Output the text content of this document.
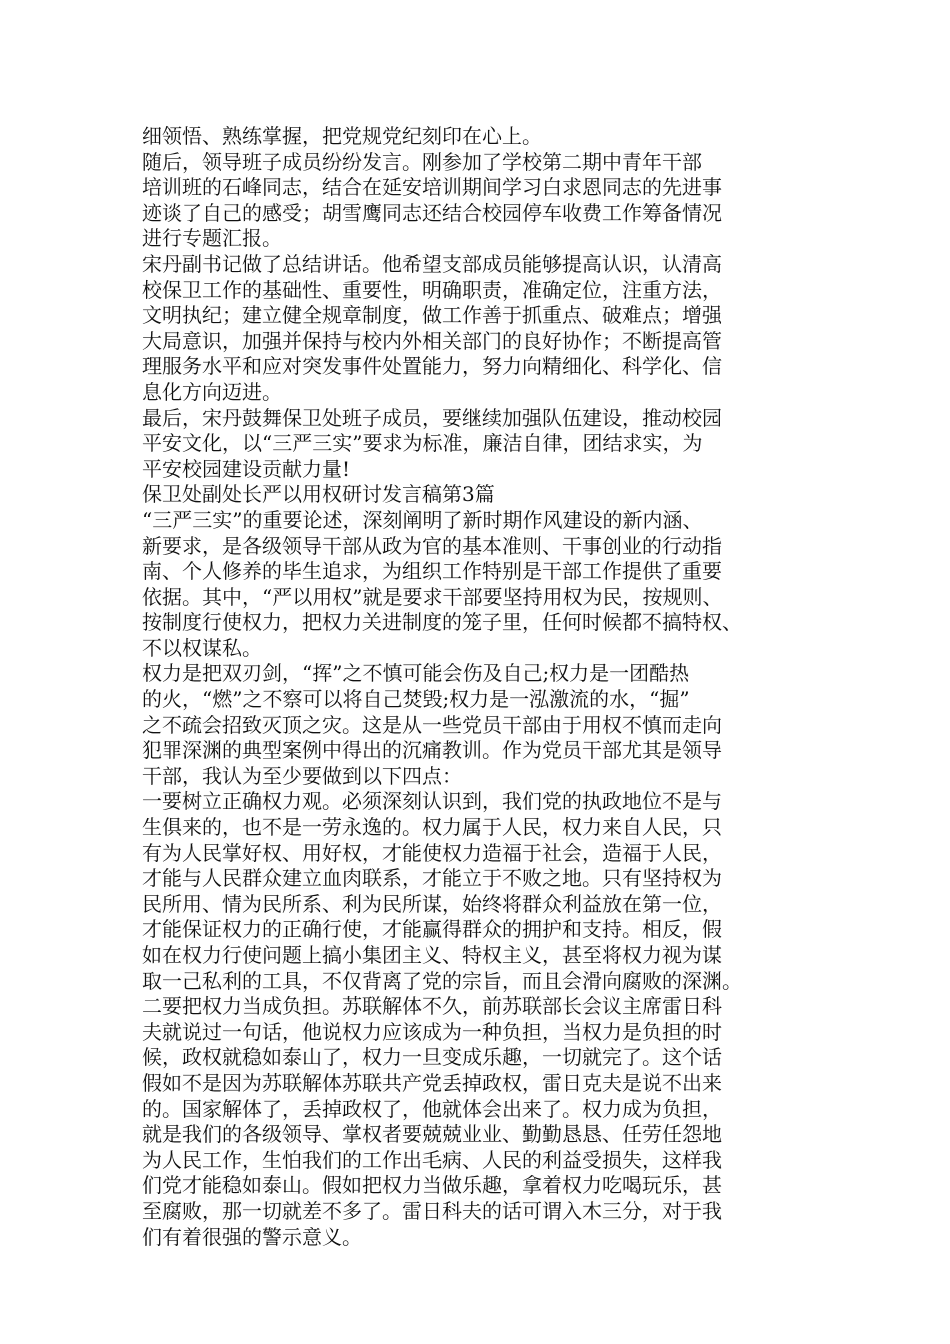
细领悟、熟练掌握，把党规党纪刻印在心上。
随后，领导班子成员纷纷发言。刚参加了学校第二期中青年干部
培训班的石峰同志，结合在延安培训期间学习白求恩同志的先进事
迹谈了自己的感受；胡雪鹰同志还结合校园停车收费工作筹备情况
进行专题汇报。
宋丹副书记做了总结讲话。他希望支部成员能够提高认识，认清高
校保卫工作的基础性、重要性，明确职责，准确定位，注重方法，
文明执纪；建立健全规章制度，做工作善于抓重点、破难点；增强
大局意识，加强并保持与校内外相关部门的良好协作；不断提高管
理服务水平和应对突发事件处置能力，努力向精细化、科学化、信
息化方向迈进。
最后，宋丹鼓舞保卫处班子成员，要继续加强队伍建设，推动校园
平安文化，以“三严三实”要求为标准，廉洁自律，团结求实，为
平安校园建设贡献力量!
保卫处副处长严以用权研讨发言稿第3篇
“三严三实”的重要论述，深刻阐明了新时期作风建设的新内涵、
新要求，是各级领导干部从政为官的基本准则、干事创业的行动指
南、个人修养的毕生追求，为组织工作特别是干部工作提供了重要
依据。其中，“严以用权”就是要求干部要坚持用权为民，按规则、
按制度行使权力，把权力关进制度的笼子里，任何时候都不搞特权、
不以权谋私。
权力是把双刃剑，“挥”之不慎可能会伤及自己;权力是一团酷热
的火，“燃”之不察可以将自己焚毁;权力是一泓激流的水，“掘”
之不疏会招致灭顶之灾。这是从一些党员干部由于用权不慎而走向
犯罪深渊的典型案例中得出的沉痛教训。作为党员干部尤其是领导
干部，我认为至少要做到以下四点：
一要树立正确权力观。必须深刻认识到，我们党的执政地位不是与
生俱来的，也不是一劳永逸的。权力属于人民，权力来自人民，只
有为人民掌好权、用好权，才能使权力造福于社会，造福于人民，
才能与人民群众建立血肉联系，才能立于不败之地。只有坚持权为
民所用、情为民所系、利为民所谋，始终将群众利益放在第一位，
才能保证权力的正确行使，才能赢得群众的拥护和支持。相反，假
如在权力行使问题上搞小集团主义、特权主义，甚至将权力视为谋
取一己私利的工具，不仅背离了党的宗旨，而且会滑向腐败的深渊。
二要把权力当成负担。苏联解体不久，前苏联部长会议主席雷日科
夫就说过一句话，他说权力应该成为一种负担，当权力是负担的时
候，政权就稳如泰山了，权力一旦变成乐趣，一切就完了。这个话
假如不是因为苏联解体苏联共产党丢掉政权，雷日克夫是说不出来
的。国家解体了，丢掉政权了，他就体会出来了。权力成为负担，
就是我们的各级领导、掌权者要兢兢业业、勤勤恳恳、任劳任怨地
为人民工作，生怕我们的工作出毛病、人民的利益受损失，这样我
们党才能稳如泰山。假如把权力当做乐趣，拿着权力吃喝玩乐，甚
至腐败，那一切就差不多了。雷日科夫的话可谓入木三分，对于我
们有着很强的警示意义。
